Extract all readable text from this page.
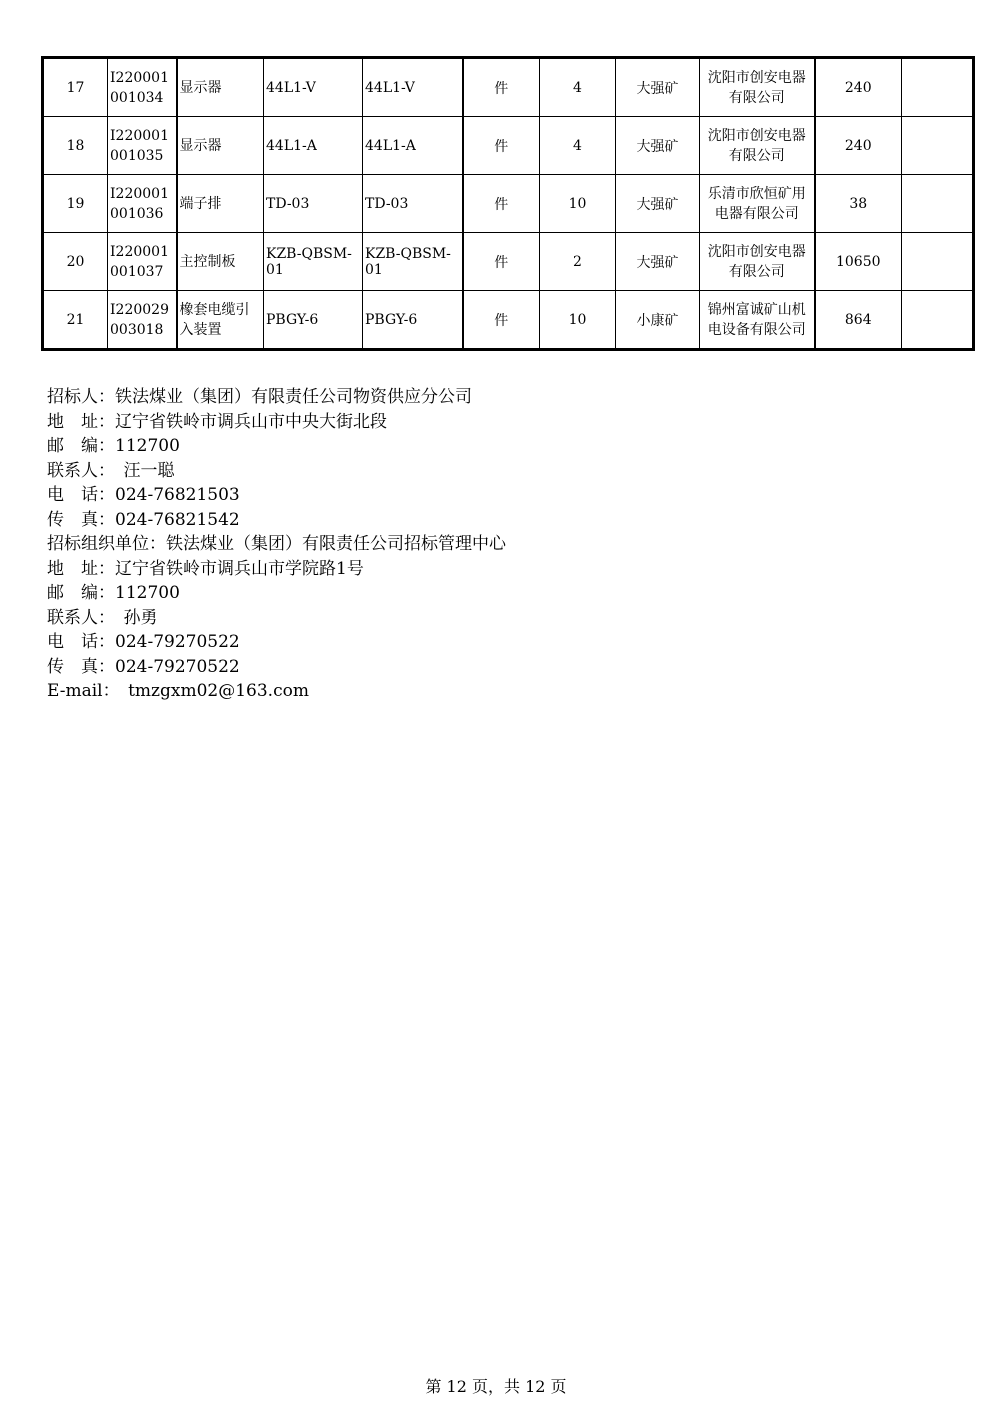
17	I220001001034	显示器	44L1-V	44L1-V	件	4	大强矿	沈阳市创安电器有限公司	240	
18	I220001001035	显示器	44L1-A	44L1-A	件	4	大强矿	沈阳市创安电器有限公司	240	
19	I220001001036	端子排	TD-03	TD-03	件	10	大强矿	乐清市欣恒矿用电器有限公司	38	
20	I220001001037	主控制板	KZB-QBSM-01	KZB-QBSM-01	件	2	大强矿	沈阳市创安电器有限公司	10650	
21	I220029003018	橡套电缆引入装置	PBGY-6	PBGY-6	件	10	小康矿	锦州富诚矿山机电设备有限公司	864	
招标人：铁法煤业（集团）有限责任公司物资供应分公司
地　址：辽宁省铁岭市调兵山市中央大街北段
邮　编：112700
联系人：　汪一聪
电　话：024-76821503
传　真：024-76821542
招标组织单位：铁法煤业（集团）有限责任公司招标管理中心
地　址：辽宁省铁岭市调兵山市学院路1号
邮　编：112700
联系人：　孙勇
电　话：024-79270522
传　真：024-79270522
E-mail：　tmzgxm02@163.com
第 12 页，共 12 页
